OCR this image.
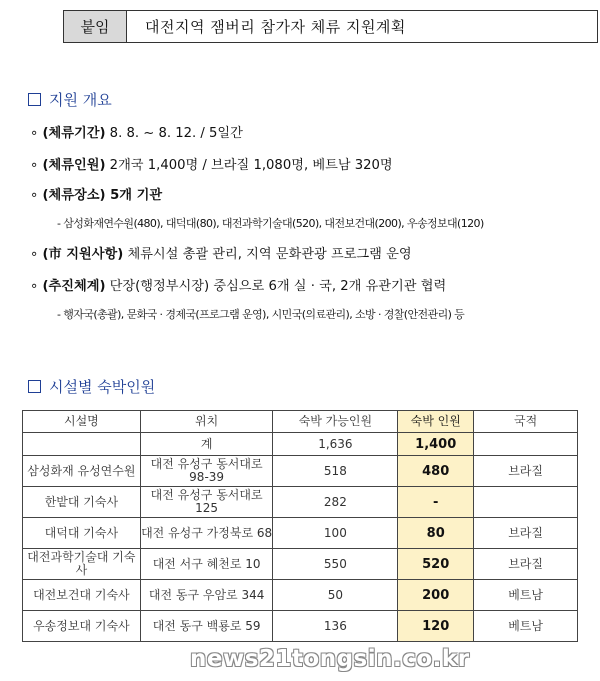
붙임	대전지역 잼버리 참가자 체류 지원계획
지원 개요
∘ (체류기간) 8. 8. ~ 8. 12. / 5일간
∘ (체류인원) 2개국 1,400명 / 브라질 1,080명, 베트남 320명
∘ (체류장소) 5개 기관
- 삼성화재연수원(480), 대덕대(80), 대전과학기술대(520), 대전보건대(200), 우송정보대(120)
∘ (市 지원사항) 체류시설 총괄 관리, 지역 문화관광 프로그램 운영
∘ (추진체계) 단장(행정부시장) 중심으로 6개 실 · 국, 2개 유관기관 협력
- 행자국(총괄), 문화국 · 경제국(프로그램 운영), 시민국(의료관리), 소방 · 경찰(안전관리) 등
시설별 숙박인원
시설명	위치	숙박 가능인원	숙박 인원	국적
	계	1,636	1,400	
삼성화재 유성연수원	대전 유성구 동서대로 98-39	518	480	브라질
한밭대 기숙사	대전 유성구 동서대로 125	282	-	
대덕대 기숙사	대전 유성구 가정북로 68	100	80	브라질
대전과학기술대 기숙사	대전 서구 혜천로 10	550	520	브라질
대전보건대 기숙사	대전 동구 우암로 344	50	200	베트남
우송정보대 기숙사	대전 동구 백룡로 59	136	120	베트남
news21tongsin.co.kr
